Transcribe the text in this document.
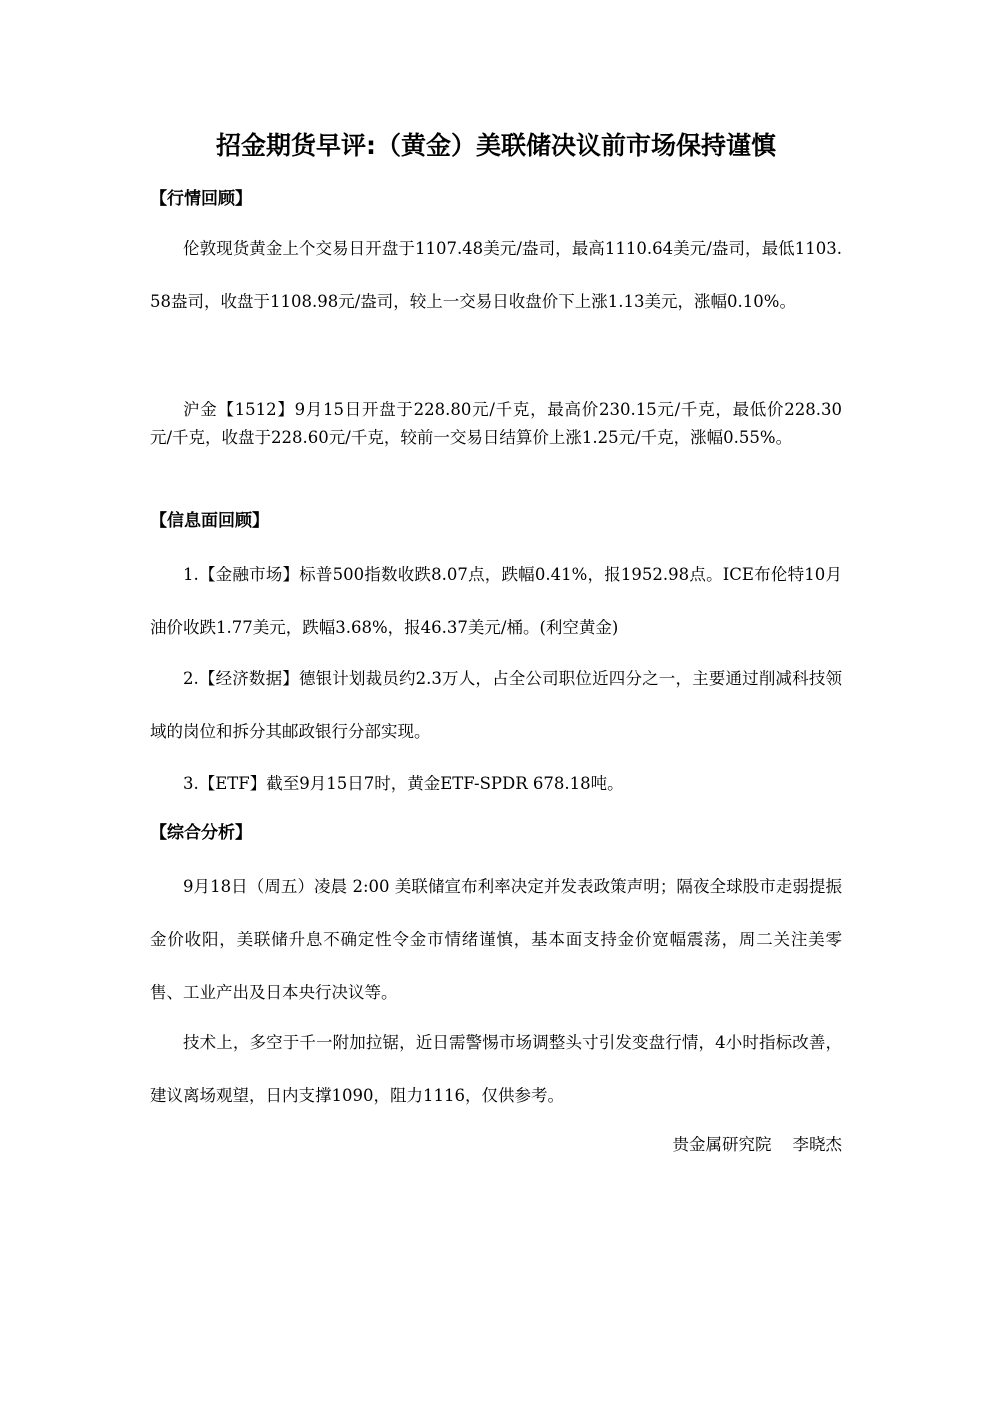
招金期货早评:（黄金）美联储决议前市场保持谨慎
【行情回顾】
伦敦现货黄金上个交易日开盘于1107.48美元/盎司，最高1110.64美元/盎司，最低1103.58盎司，收盘于1108.98元/盎司，较上一交易日收盘价下上涨1.13美元，涨幅0.10%。
沪金【1512】9月15日开盘于228.80元/千克，最高价230.15元/千克，最低价228.30元/千克，收盘于228.60元/千克，较前一交易日结算价上涨1.25元/千克，涨幅0.55%。
【信息面回顾】
1.【金融市场】标普500指数收跌8.07点，跌幅0.41%，报1952.98点。ICE布伦特10月油价收跌1.77美元，跌幅3.68%，报46.37美元/桶。(利空黄金)
2.【经济数据】德银计划裁员约2.3万人，占全公司职位近四分之一，主要通过削减科技领域的岗位和拆分其邮政银行分部实现。
3.【ETF】截至9月15日7时，黄金ETF-SPDR 678.18吨。
【综合分析】
9月18日（周五）凌晨 2:00 美联储宣布利率决定并发表政策声明；隔夜全球股市走弱提振金价收阳，美联储升息不确定性令金市情绪谨慎，基本面支持金价宽幅震荡，周二关注美零售、工业产出及日本央行决议等。
技术上，多空于千一附加拉锯，近日需警惕市场调整头寸引发变盘行情，4小时指标改善，建议离场观望，日内支撑1090，阻力1116，仅供参考。
贵金属研究院    李晓杰
